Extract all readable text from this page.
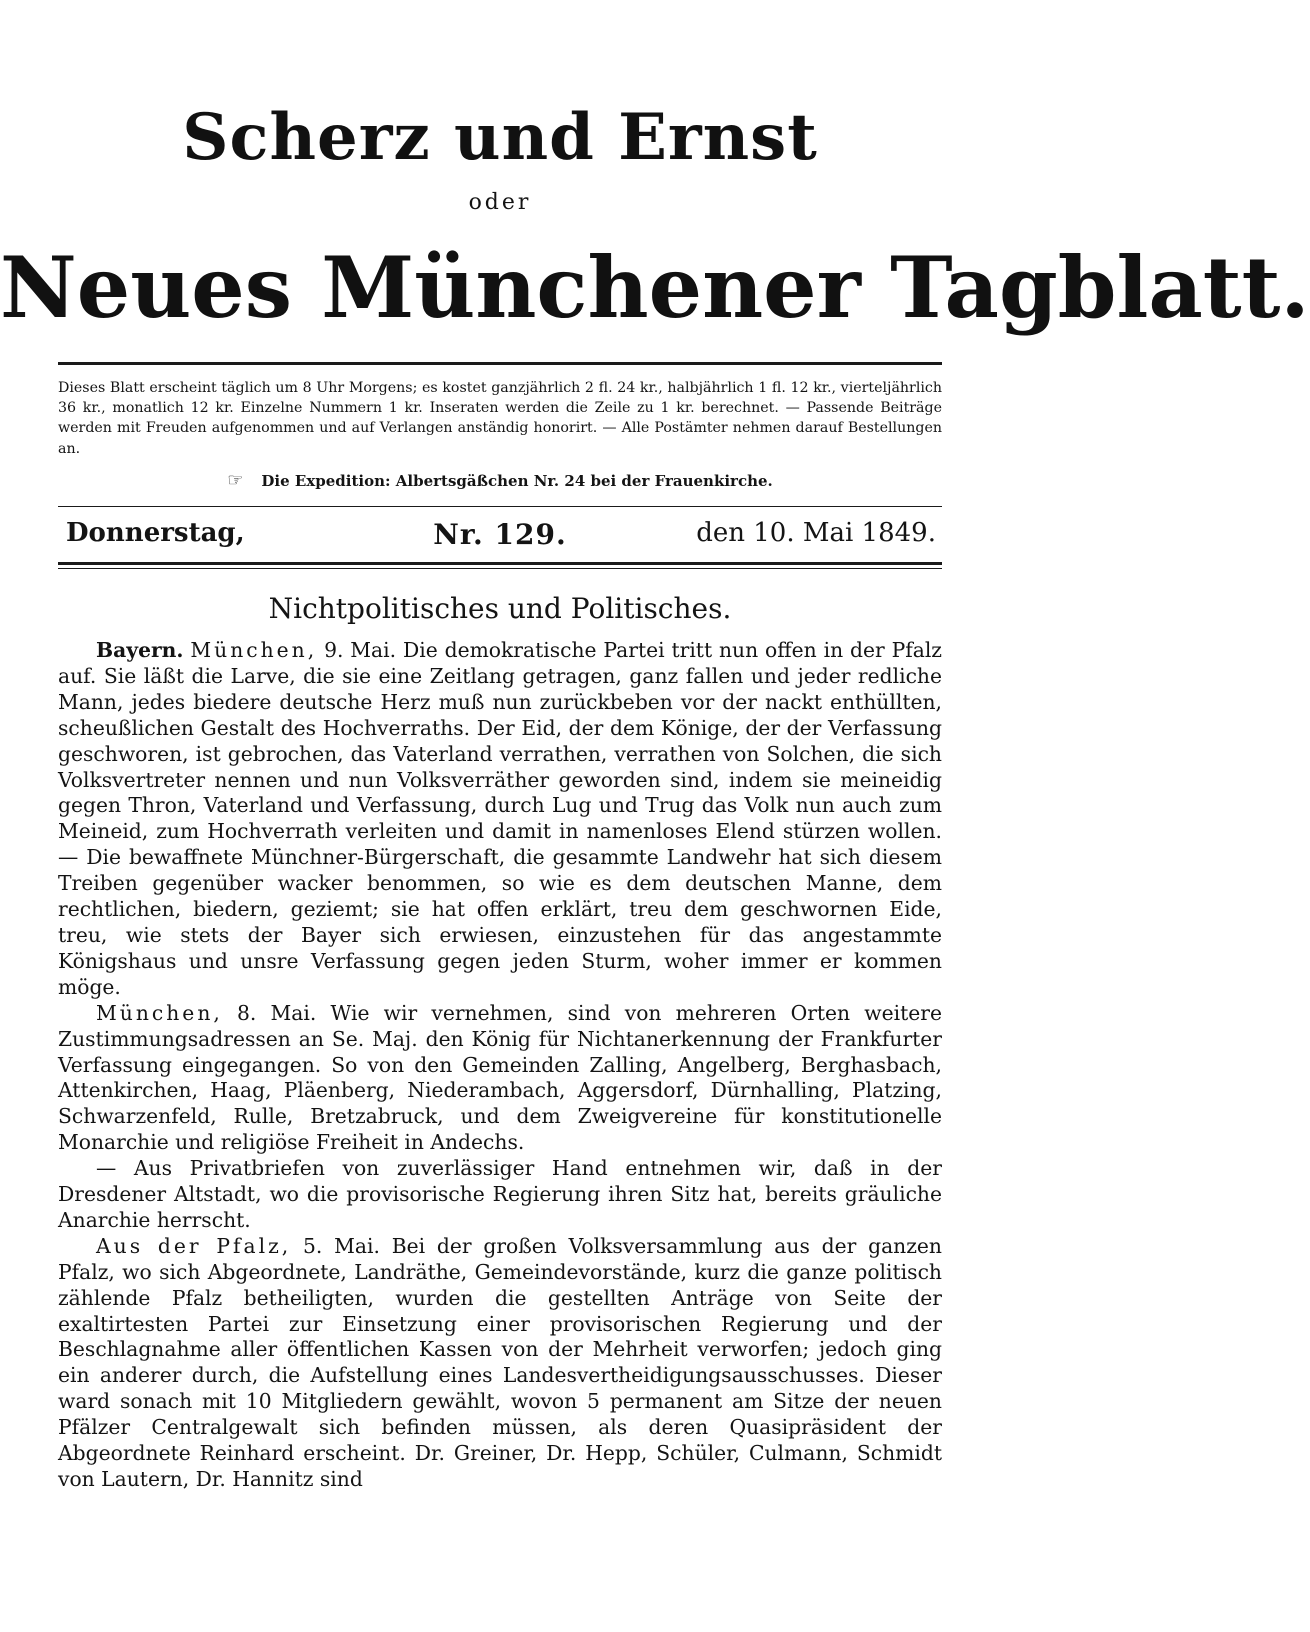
Scherz und Ernst
oder
Neues Münchener Tagblatt.
Dieses Blatt erscheint täglich um 8 Uhr Morgens; es kostet ganzjährlich 2 fl. 24 kr., halbjährlich 1 fl. 12 kr., vierteljährlich 36 kr., monatlich 12 kr. Einzelne Nummern 1 kr. Inseraten werden die Zeile zu 1 kr. berechnet. — Passende Beiträge werden mit Freuden aufgenommen und auf Verlangen anständig honorirt. — Alle Postämter nehmen darauf Bestellungen an.
☞ Die Expedition: Albertsgäßchen Nr. 24 bei der Frauenkirche.
Donnerstag,	Nr. 129.	den 10. Mai 1849.
Nichtpolitisches und Politisches.

Bayern. München, 9. Mai. Die demokratische Partei tritt nun offen in der Pfalz auf. Sie läßt die Larve, die sie eine Zeitlang getragen, ganz fallen und jeder redliche Mann, jedes biedere deutsche Herz muß nun zurückbeben vor der nackt enthüllten, scheußlichen Gestalt des Hochverraths. Der Eid, der dem Könige, der der Verfassung geschworen, ist gebrochen, das Vaterland verrathen, verrathen von Solchen, die sich Volksvertreter nennen und nun Volksverräther geworden sind, indem sie meineidig gegen Thron, Vaterland und Verfassung, durch Lug und Trug das Volk nun auch zum Meineid, zum Hochverrath verleiten und damit in namenloses Elend stürzen wollen. — Die bewaffnete Münchner-Bürgerschaft, die gesammte Landwehr hat sich diesem Treiben gegenüber wacker benommen, so wie es dem deutschen Manne, dem rechtlichen, biedern, geziemt; sie hat offen erklärt, treu dem geschwornen Eide, treu, wie stets der Bayer sich erwiesen, einzustehen für das angestammte Königshaus und unsre Verfassung gegen jeden Sturm, woher immer er kommen möge.

München, 8. Mai. Wie wir vernehmen, sind von mehreren Orten weitere Zustimmungsadressen an Se. Maj. den König für Nichtanerkennung der Frankfurter Verfassung eingegangen. So von den Gemeinden Zalling, Angelberg, Berghasbach, Attenkirchen, Haag, Pläenberg, Niederambach, Aggersdorf, Dürnhalling, Platzing, Schwarzenfeld, Rulle, Bretzabruck, und dem Zweigvereine für konstitutionelle Monarchie und religiöse Freiheit in Andechs.

— Aus Privatbriefen von zuverlässiger Hand entnehmen wir, daß in der Dresdener Altstadt, wo die provisorische Regierung ihren Sitz hat, bereits gräuliche Anarchie herrscht.

Aus der Pfalz, 5. Mai. Bei der großen Volksversammlung aus der ganzen Pfalz, wo sich Abgeordnete, Landräthe, Gemeindevorstände, kurz die ganze politisch zählende Pfalz betheiligten, wurden die gestellten Anträge von Seite der exaltirtesten Partei zur Einsetzung einer provisorischen Regierung und der Beschlagnahme aller öffentlichen Kassen von der Mehrheit verworfen; jedoch ging ein anderer durch, die Aufstellung eines Landesvertheidigungsausschusses. Dieser ward sonach mit 10 Mitgliedern gewählt, wovon 5 permanent am Sitze der neuen Pfälzer Centralgewalt sich befinden müssen, als deren Quasipräsident der Abgeordnete Reinhard erscheint. Dr. Greiner, Dr. Hepp, Schüler, Culmann, Schmidt von Lautern, Dr. Hannitz sind
